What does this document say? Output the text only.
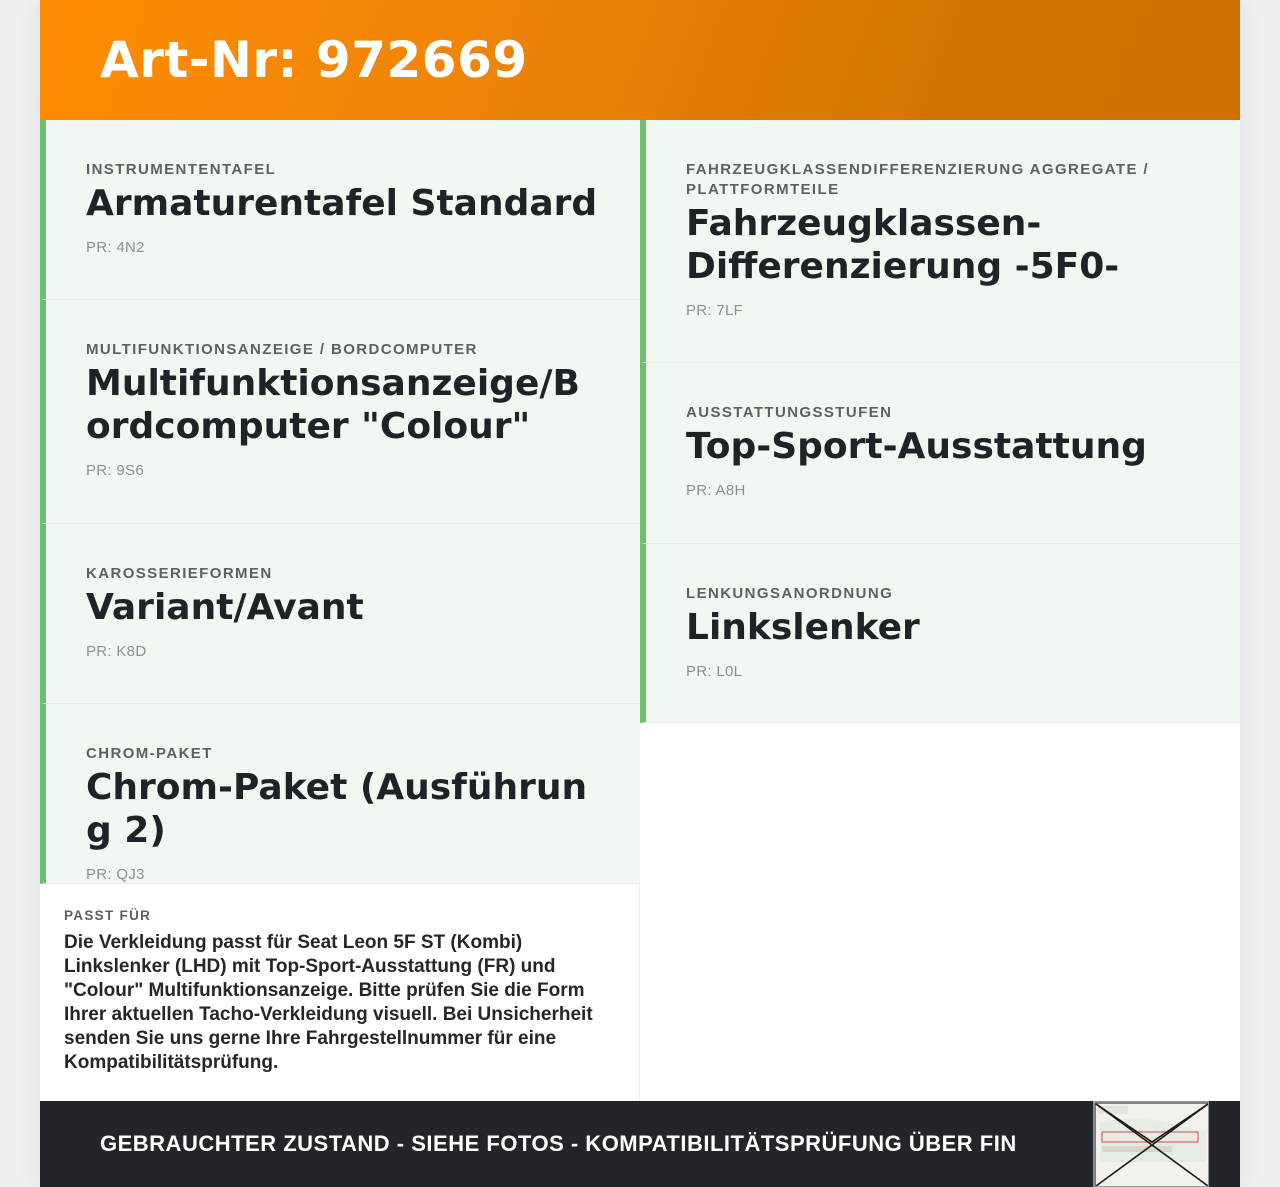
Art-Nr: 972669
INSTRUMENTENTAFEL
Armaturentafel Standard
PR: 4N2
MULTIFUNKTIONSANZEIGE / BORDCOMPUTER
Multifunktionsanzeige/Bordcomputer "Colour"
PR: 9S6
KAROSSERIEFORMEN
Variant/Avant
PR: K8D
CHROM-PAKET
Chrom-Paket (Ausführung 2)
PR: QJ3
PASST FÜR
Die Verkleidung passt für Seat Leon 5F ST (Kombi) Linkslenker (LHD) mit Top-Sport-Ausstattung (FR) und "Colour" Multifunktionsanzeige. Bitte prüfen Sie die Form Ihrer aktuellen Tacho-Verkleidung visuell. Bei Unsicherheit senden Sie uns gerne Ihre Fahrgestellnummer für eine Kompatibilitätsprüfung.
FAHRZEUGKLASSENDIFFERENZIERUNG AGGREGATE / PLATTFORMTEILE
Fahrzeugklassen-Differenzierung -5F0-
PR: 7LF
AUSSTATTUNGSSTUFEN
Top-Sport-Ausstattung
PR: A8H
LENKUNGSANORDNUNG
Linkslenker
PR: L0L
GEBRAUCHTER ZUSTAND - SIEHE FOTOS - KOMPATIBILITÄTSPRÜFUNG ÜBER FIN
